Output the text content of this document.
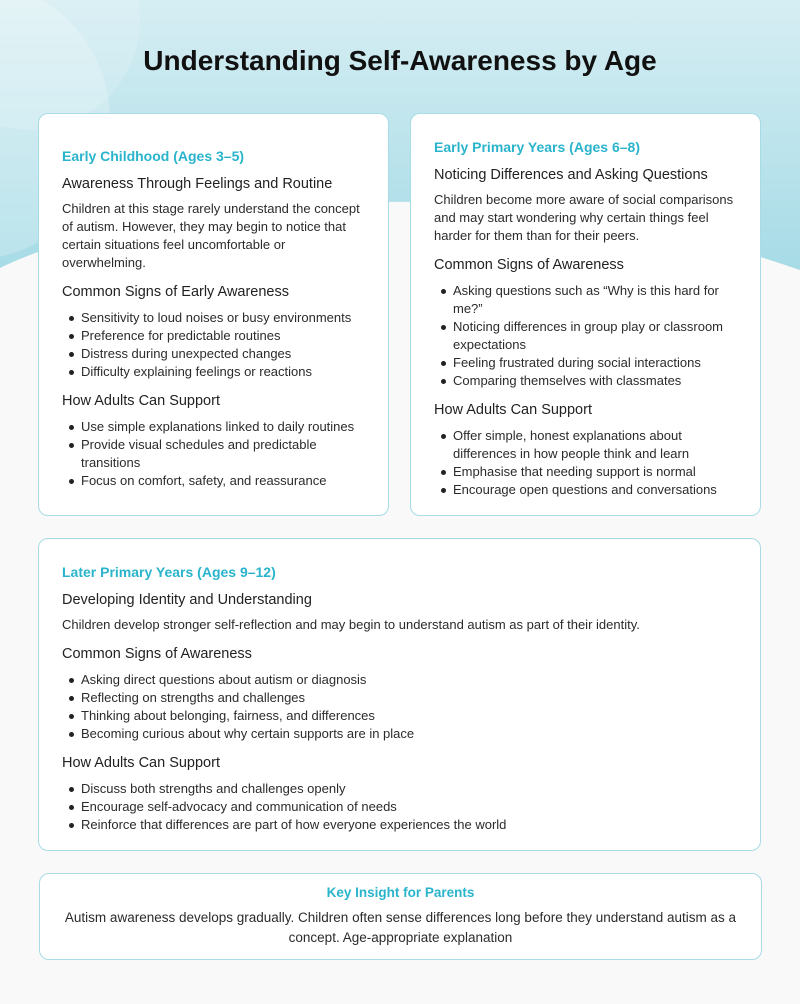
Understanding Self-Awareness by Age
Early Childhood (Ages 3–5)
Awareness Through Feelings and Routine

Children at this stage rarely understand the concept of autism. However, they may begin to notice that certain situations feel uncomfortable or overwhelming.

Common Signs of Early Awareness
Sensitivity to loud noises or busy environments
Preference for predictable routines
Distress during unexpected changes
Difficulty explaining feelings or reactions
How Adults Can Support
Use simple explanations linked to daily routines
Provide visual schedules and predictable transitions
Focus on comfort, safety, and reassurance
Early Primary Years (Ages 6–8)
Noticing Differences and Asking Questions

Children become more aware of social comparisons and may start wondering why certain things feel harder for them than for their peers.

Common Signs of Awareness
Asking questions such as “Why is this hard for me?”
Noticing differences in group play or classroom expectations
Feeling frustrated during social interactions
Comparing themselves with classmates
How Adults Can Support
Offer simple, honest explanations about differences in how people think and learn
Emphasise that needing support is normal
Encourage open questions and conversations
Later Primary Years (Ages 9–12)
Developing Identity and Understanding

Children develop stronger self-reflection and may begin to understand autism as part of their identity.

Common Signs of Awareness
Asking direct questions about autism or diagnosis
Reflecting on strengths and challenges
Thinking about belonging, fairness, and differences
Becoming curious about why certain supports are in place
How Adults Can Support
Discuss both strengths and challenges openly
Encourage self-advocacy and communication of needs
Reinforce that differences are part of how everyone experiences the world
Key Insight for Parents

Autism awareness develops gradually. Children often sense differences long before they understand autism as a concept. Age-appropriate explanation
